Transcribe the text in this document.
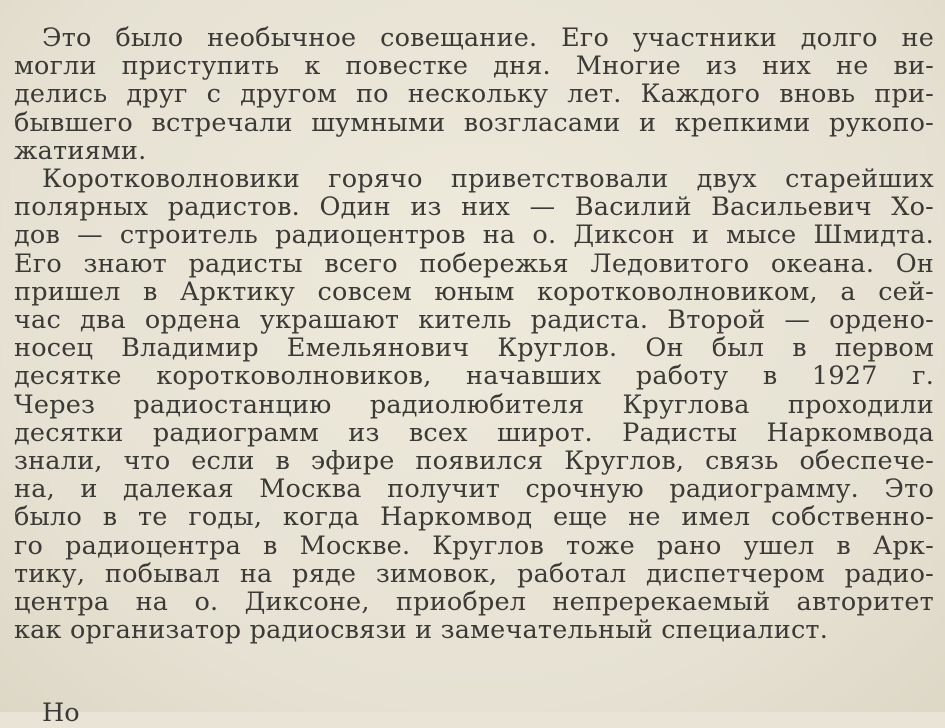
Это было необычное совещание. Его участники долго не
могли приступить к повестке дня. Многие из них не ви-
делись друг с другом по нескольку лет. Каждого вновь при-
бывшего встречали шумными возгласами и крепкими рукопо-
жатиями.
Коротковолновики горячо приветствовали двух старейших
полярных радистов. Один из них — Василий Васильевич Хо-
дов — строитель радиоцентров на о. Диксон и мысе Шмидта.
Его знают радисты всего побережья Ледовитого океана. Он
пришел в Арктику совсем юным коротковолновиком, а сей-
час два ордена украшают китель радиста. Второй — ордено-
носец Владимир Емельянович Круглов. Он был в первом
десятке коротковолновиков, начавших работу в 1927 г.
Через радиостанцию радиолюбителя Круглова проходили
десятки радиограмм из всех широт. Радисты Наркомвода
знали, что если в эфире появился Круглов, связь обеспече-
на, и далекая Москва получит срочную радиограмму. Это
было в те годы, когда Наркомвод еще не имел собственно-
го радиоцентра в Москве. Круглов тоже рано ушел в Арк-
тику, побывал на ряде зимовок, работал диспетчером радио-
центра на о. Диксоне, приобрел непререкаемый авторитет
как организатор радиосвязи и замечательный специалист.
Но
